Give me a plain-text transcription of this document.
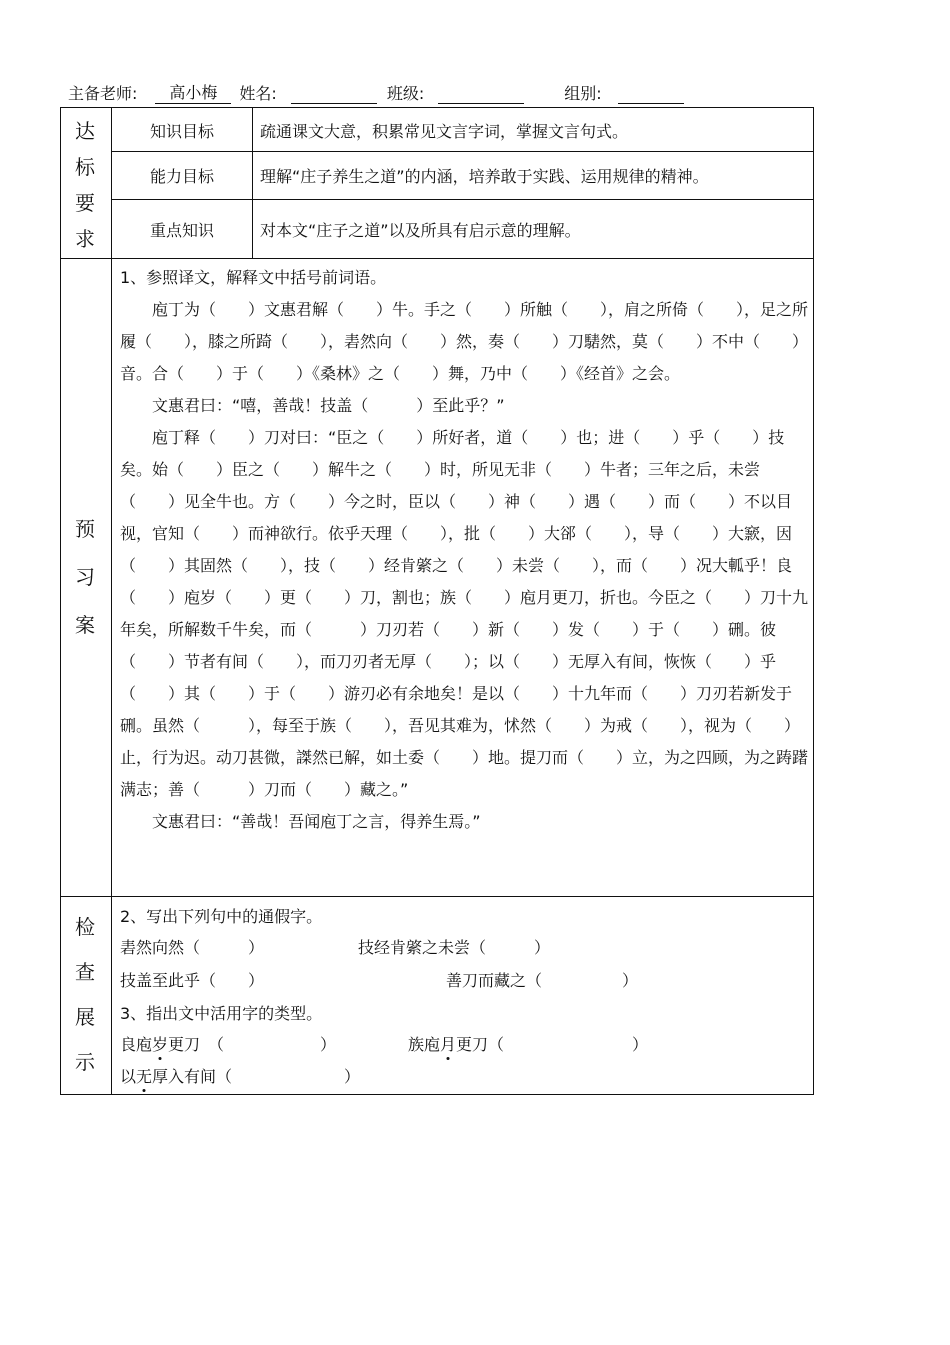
主备老师:	高小梅	姓名:	班级:	组别:
达
标
要
求
知识目标	疏通课文大意，积累常见文言字词，掌握文言句式。
能力目标	理解“庄子养生之道”的内涵，培养敢于实践、运用规律的精神。
重点知识	对本文“庄子之道”以及所具有启示意的理解。
预
习
案

1、参照译文，解释文中括号前词语。

庖丁为（　　）文惠君解（　　）牛。手之（　　）所触（　　），肩之所倚（　　），足之所履（　　），膝之所踦（　　），砉然向（　　）然，奏（　　）刀騞然，莫（　　）不中（　　）音。合（　　）于（　　）《桑林》之（　　）舞，乃中（　　）《经首》之会。

文惠君曰：“嘻，善哉！技盖（　　　）至此乎？”

庖丁释（　　）刀对曰：“臣之（　　）所好者，道（　　）也；进（　　）乎（　　）技矣。始（　　）臣之（　　）解牛之（　　）时，所见无非（　　）牛者；三年之后，未尝（　　）见全牛也。方（　　）今之时，臣以（　　）神（　　）遇（　　）而（　　）不以目视，官知（　　）而神欲行。依乎天理（　　），批（　　）大郤（　　），导（　　）大窾，因（　　）其固然（　　），技（　　）经肯綮之（　　）未尝（　　），而（　　）况大軱乎！良（　　）庖岁（　　）更（　　）刀，割也；族（　　）庖月更刀，折也。今臣之（　　）刀十九年矣，所解数千牛矣，而（　　　）刀刃若（　　）新（　　）发（　　）于（　　）硎。彼（　　）节者有间（　　），而刀刃者无厚（　　）；以（　　）无厚入有间，恢恢（　　）乎（　　）其（　　）于（　　）游刃必有余地矣！是以（　　）十九年而（　　）刀刃若新发于硎。虽然（　　　），每至于族（　　），吾见其难为，怵然（　　）为戒（　　），视为（　　）止，行为迟。动刀甚微，謋然已解，如土委（　　）地。提刀而（　　）立，为之四顾，为之踌躇满志；善（　　　）刀而（　　）藏之。”

文惠君曰：“善哉！吾闻庖丁之言，得养生焉。”

检
查
展
示
2、写出下列句中的通假字。
砉然向然（　　　）	技经肯綮之未尝（　　　）
技盖至此乎（　　）	善刀而藏之（　　　　　）
3、指出文中活用字的类型。
良庖岁更刀　（　　　　　　）	族庖月更刀（　　　　　　　　）
以无厚入有间（　　　　　　　）
